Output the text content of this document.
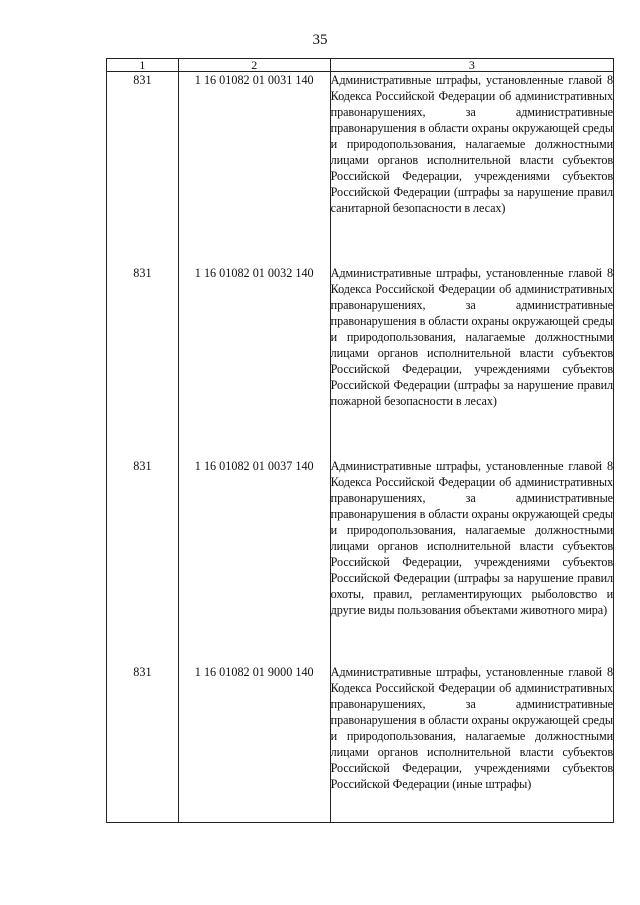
35
1	2	3
831	1 16 01082 01 0031 140	Административные штрафы, установленные главой 8 Кодекса Российской Федерации об административных правонарушениях, за административные правонарушения в области охраны окружающей среды и природопользования, налагаемые должностными лицами органов исполнительной власти субъектов Российской Федерации, учреждениями субъектов Российской Федерации (штрафы за нарушение правил санитарной безопасности в лесах)

831	1 16 01082 01 0032 140	Административные штрафы, установленные главой 8 Кодекса Российской Федерации об административных правонарушениях, за административные правонарушения в области охраны окружающей среды и природопользования, налагаемые должностными лицами органов исполнительной власти субъектов Российской Федерации, учреждениями субъектов Российской Федерации (штрафы за нарушение правил пожарной безопасности в лесах)

831	1 16 01082 01 0037 140	Административные штрафы, установленные главой 8 Кодекса Российской Федерации об административных правонарушениях, за административные правонарушения в области охраны окружающей среды и природопользования, налагаемые должностными лицами органов исполнительной власти субъектов Российской Федерации, учреждениями субъектов Российской Федерации (штрафы за нарушение правил охоты, правил, регламентирующих рыболовство и другие виды пользования объектами животного мира)

831	1 16 01082 01 9000 140	Административные штрафы, установленные главой 8 Кодекса Российской Федерации об административных правонарушениях, за административные правонарушения в области охраны окружающей среды и природопользования, налагаемые должностными лицами органов исполнительной власти субъектов Российской Федерации, учреждениями субъектов Российской Федерации (иные штрафы)
